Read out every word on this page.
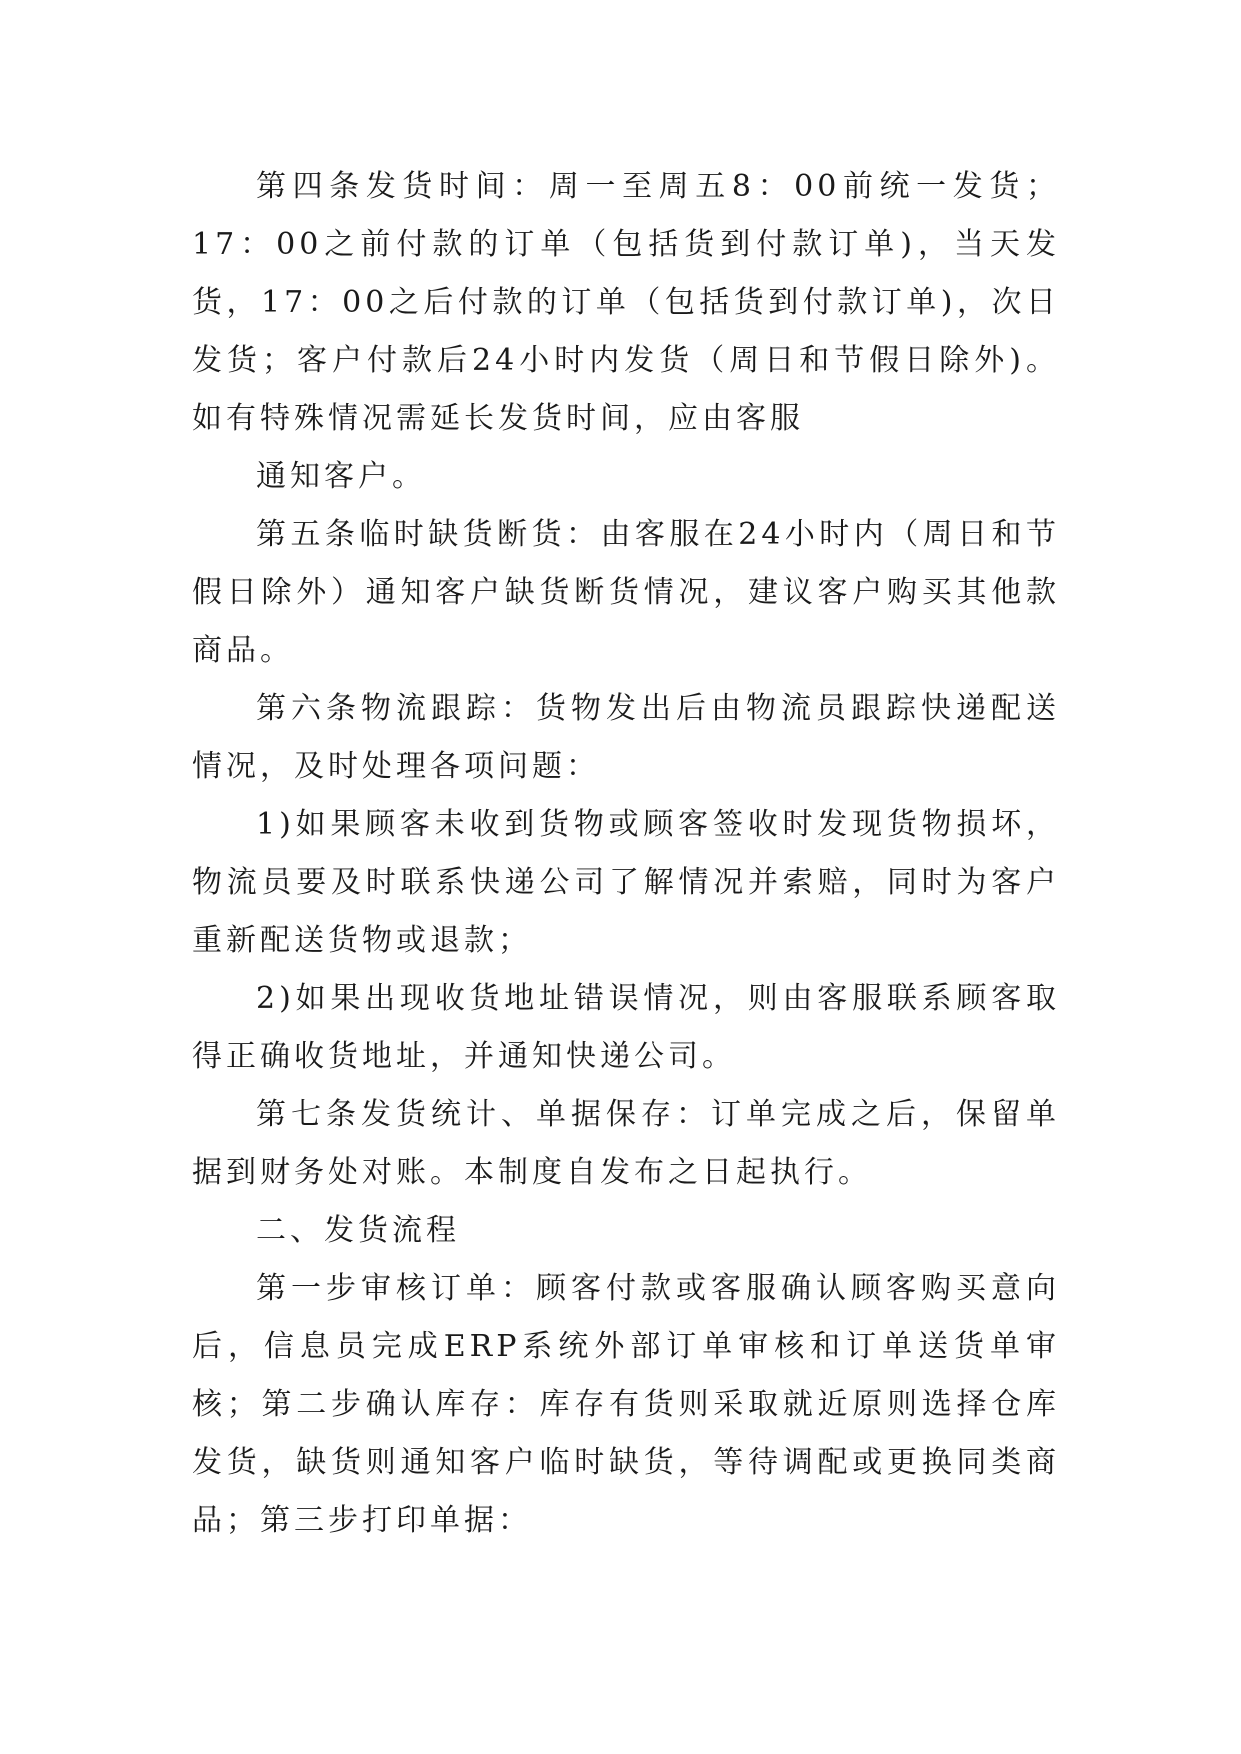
第四条发货时间：周一至周五8：00前统一发货；17：00之前付款的订单（包括货到付款订单)，当天发货，17：00之后付款的订单（包括货到付款订单)，次日发货；客户付款后24小时内发货（周日和节假日除外)。如有特殊情况需延长发货时间，应由客服

通知客户。

第五条临时缺货断货：由客服在24小时内（周日和节假日除外）通知客户缺货断货情况，建议客户购买其他款商品。

第六条物流跟踪：货物发出后由物流员跟踪快递配送情况，及时处理各项问题：

1)如果顾客未收到货物或顾客签收时发现货物损坏，物流员要及时联系快递公司了解情况并索赔，同时为客户重新配送货物或退款；

2)如果出现收货地址错误情况，则由客服联系顾客取得正确收货地址，并通知快递公司。

第七条发货统计、单据保存：订单完成之后，保留单据到财务处对账。本制度自发布之日起执行。

二、发货流程

第一步审核订单：顾客付款或客服确认顾客购买意向后，信息员完成ERP系统外部订单审核和订单送货单审核；第二步确认库存：库存有货则采取就近原则选择仓库发货，缺货则通知客户临时缺货，等待调配或更换同类商品；第三步打印单据：
